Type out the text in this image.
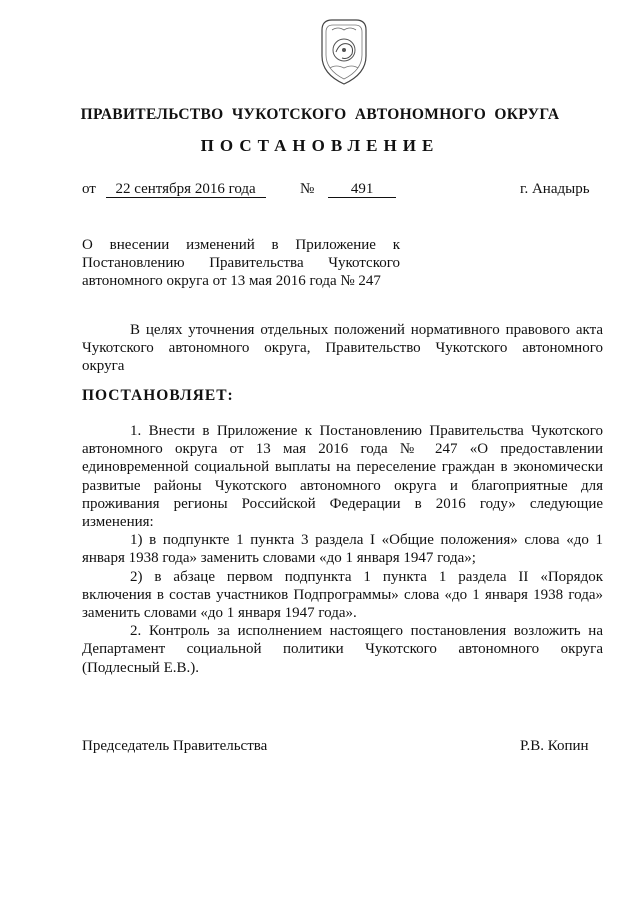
ПРАВИТЕЛЬСТВО  ЧУКОТСКОГО  АВТОНОМНОГО  ОКРУГА
ПОСТАНОВЛЕНИЕ
от 22 сентября 2016 года	№ 491	г. Анадырь
О внесении изменений в Приложение к
Постановлению Правительства Чукотского
автономного округа от 13 мая 2016 года № 247
В целях уточнения отдельных положений нормативного правового акта
Чукотского автономного округа, Правительство Чукотского автономного
округа
ПОСТАНОВЛЯЕТ:
1. Внести в Приложение к Постановлению Правительства Чукотского
автономного округа от 13 мая 2016 года № 247 «О предоставлении
единовременной социальной выплаты на переселение граждан в экономически
развитые районы Чукотского автономного округа и благоприятные для
проживания регионы Российской Федерации в 2016 году» следующие
изменения:
1) в подпункте 1 пункта 3 раздела I «Общие положения» слова «до 1
января 1938 года» заменить словами «до 1 января 1947 года»;
2) в абзаце первом подпункта 1 пункта 1 раздела II «Порядок
включения в состав участников Подпрограммы» слова «до 1 января 1938 года»
заменить словами «до 1 января 1947 года».
2. Контроль за исполнением настоящего постановления возложить на
Департамент социальной политики Чукотского автономного округа
(Подлесный Е.В.).
Председатель Правительства	Р.В. Копин
